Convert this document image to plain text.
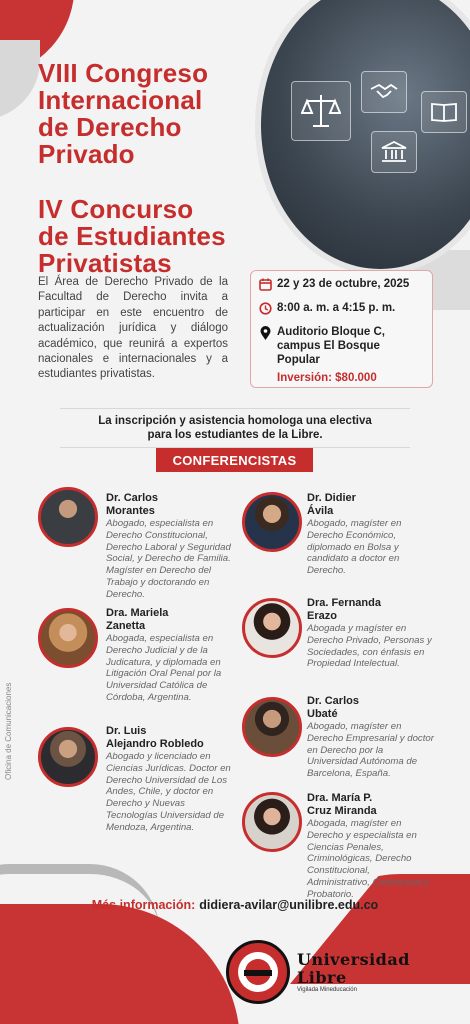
VIII Congreso
Internacional
de Derecho
Privado
IV Concurso
de Estudiantes
Privatistas

El Área de Derecho Privado de la Facultad de Derecho invita a participar en este encuentro de actualización jurídica y diálogo académico, que reunirá a expertos nacionales e internacionales y a estudiantes privatistas.

22 y 23 de octubre, 2025
8:00 a. m. a 4:15 p. m.
Auditorio Bloque C,
campus El Bosque Popular
Inversión: $80.000
La inscripción y asistencia homologa una electiva
para los estudiantes de la Libre.
CONFERENCISTAS
Dr. Carlos
Morantes
Abogado, especialista en Derecho Constitucional, Derecho Laboral y Seguridad Social, y Derecho de Familia. Magíster en Derecho del Trabajo y doctorando en Derecho.
Dra. Mariela
Zanetta
Abogada, especialista en Derecho Judicial y de la Judicatura, y diplomada en Litigación Oral Penal por la Universidad Católica de Córdoba, Argentina.
Dr. Luis
Alejandro Robledo
Abogado y licenciado en Ciencias Jurídicas. Doctor en Derecho Universidad de Los Andes, Chile, y doctor en Derecho y Nuevas Tecnologías Universidad de Mendoza, Argentina.
Dr. Didier
Ávila
Abogado, magíster en Derecho Económico, diplomado en Bolsa y candidato a doctor en Derecho.
Dra. Fernanda
Erazo
Abogada y magíster en Derecho Privado, Personas y Sociedades, con énfasis en Propiedad Intelectual.
Dr. Carlos
Ubaté
Abogado, magíster en Derecho Empresarial y doctor en Derecho por la Universidad Autónoma de Barcelona, España.
Dra. María P.
Cruz Miranda
Abogada, magíster en Derecho y especialista en Ciencias Penales, Criminológicas, Derecho Constitucional, Administrativo, Contractual y Probatorio.
Oficina de Comunicaciones
Más información: didiera-avilar@unilibre.edu.co
Universidad
Libre
Vigilada Mineducación
